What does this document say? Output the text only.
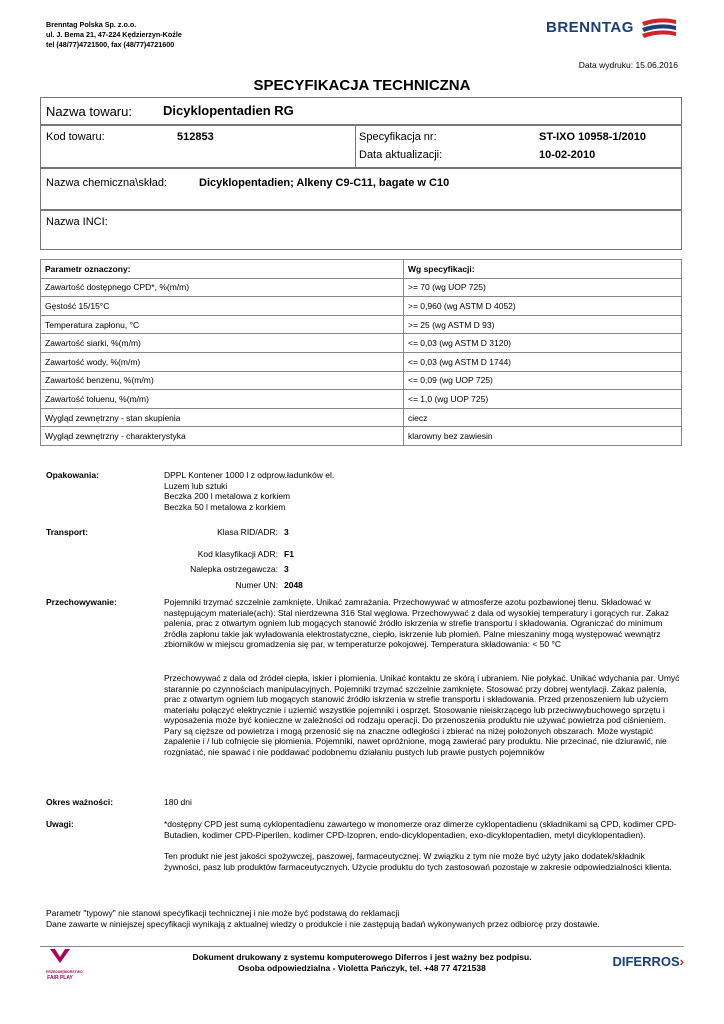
Brenntag Polska Sp. z.o.o.
ul. J. Bema 21, 47-224 Kędzierzyn-Koźle
tel (48/77)4721500, fax (48/77)4721600
BRENNTAG
Data wydruku: 15.06.2016
SPECYFIKACJA TECHNICZNA
Nazwa towaru: Dicyklopentadien RG
Kod towaru:	512853	Specyfikacja nr:	ST-IXO 10958-1/2010
Data aktualizacji:	10-02-2010
Nazwa chemiczna\skład:	Dicyklopentadien; Alkeny C9-C11, bagate w C10
Nazwa INCI:
Parametr oznaczony:	Wg specyfikacji:
Zawartość dostępnego CPD*, %(m/m)	>= 70 (wg UOP 725)
Gęstość 15/15°C	>= 0,960 (wg ASTM D 4052)
Temperatura zapłonu, °C	>= 25 (wg ASTM D 93)
Zawartość siarki, %(m/m)	<= 0,03 (wg ASTM D 3120)
Zawartość wody, %(m/m)	<= 0,03 (wg ASTM D 1744)
Zawartość benzenu, %(m/m)	<= 0,09 (wg UOP 725)
Zawartość toluenu, %(m/m)	<= 1,0 (wg UOP 725)
Wygląd zewnętrzny - stan skupienia	ciecz
Wygląd zewnętrzny - charakterystyka	klarowny bez zawiesin
Opakowania:	DPPL Kontener 1000 l z odprow.ładunków el.
Luzem lub sztuki
Beczka 200 l metalowa z korkiem
Beczka 50 l metalowa z korkiem
Transport:	Klasa RID/ADR: 3
Kod klasyfikacji ADR: F1
Nalepka ostrzegawcza: 3
Numer UN: 2048
Przechowywanie:	Pojemniki trzymać szczelnie zamknięte. Unikać zamrażania. Przechowywać w atmosferze azotu pozbawionej tlenu. Składować w następującym materiale(ach): Stal nierdzewna 316 Stal węglowa. Przechowywać z dala od wysokiej temperatury i gorących rur. Zakaz palenia, prac z otwartym ogniem lub mogących stanowić źródło iskrzenia w strefie transportu i składowania. Ograniczać do minimum źródła zapłonu takie jak wyładowania elektrostatyczne, ciepło, iskrzenie lub płomień. Palne mieszaniny mogą występować wewnątrz zbiorników w miejscu gromadzenia się par, w temperaturze pokojowej. Temperatura składowania: < 50 °C
Przechowywać z dala od źródeł ciepła, iskier i płomienia. Unikać kontaktu ze skórą i ubraniem. Nie połykać. Unikać wdychania par. Umyć starannie po czynnościach manipulacyjnych. Pojemniki trzymać szczelnie zamknięte. Stosować przy dobrej wentylacji. Zakaz palenia, prac z otwartym ogniem lub mogących stanowić źródło iskrzenia w strefie transportu i składowania. Przed przenoszeniem lub użyciem materiału połączyć elektrycznie i uziemić wszystkie pojemniki i osprzęt. Stosowanie nieiskrzącego lub przeciwwybuchowego sprzętu i wyposażenia może być konieczne w zależności od rodzaju operacji. Do przenoszenia produktu nie używać powietrza pod ciśnieniem. Pary są cięższe od powietrza i mogą przenosić się na znaczne odległości i zbierać na niżej położonych obszarach. Może wystąpić zapalenie i / lub cofnięcie się płomienia. Pojemniki, nawet opróżnione, mogą zawierać pary produktu. Nie przecinać, nie dziurawić, nie rozgniatać, nie spawać i nie poddawać podobnemu działaniu pustych lub prawie pustych pojemników
Okres ważności:	180 dni
Uwagi:	*dostępny CPD jest sumą cyklopentadienu zawartego w monomerze oraz dimerze cyklopentadienu (składnikami są CPD, kodimer CPD-Butadien, kodimer CPD-Piperilen, kodimer CPD-Izopren, endo-dicyklopentadien, exo-dicyklopentadien, metyl dicyklopentadien).
Ten produkt nie jest jakości spożywczej, paszowej, farmaceutycznej. W związku z tym nie może być użyty jako dodatek/składnik żywności, pasz lub produktów farmaceutycznych. Użycie produktu do tych zastosowań pozostaje w zakresie odpowiedzialności klienta.
Parametr "typowy" nie stanowi specyfikacji technicznej i nie może być podstawą do reklamacji
Dane zawarte w niniejszej specyfikacji wynikają z aktualnej wiedzy o produkcie i nie zastępują badań wykonywanych przez odbiorcę przy dostawie.
PRZEDSIĘBIORSTWO
FAIR PLAY
Dokument drukowany z systemu komputerowego Diferros i jest ważny bez podpisu.
Osoba odpowiedzialna - Violetta Pańczyk, tel. +48 77 4721538	DIFERROS›
